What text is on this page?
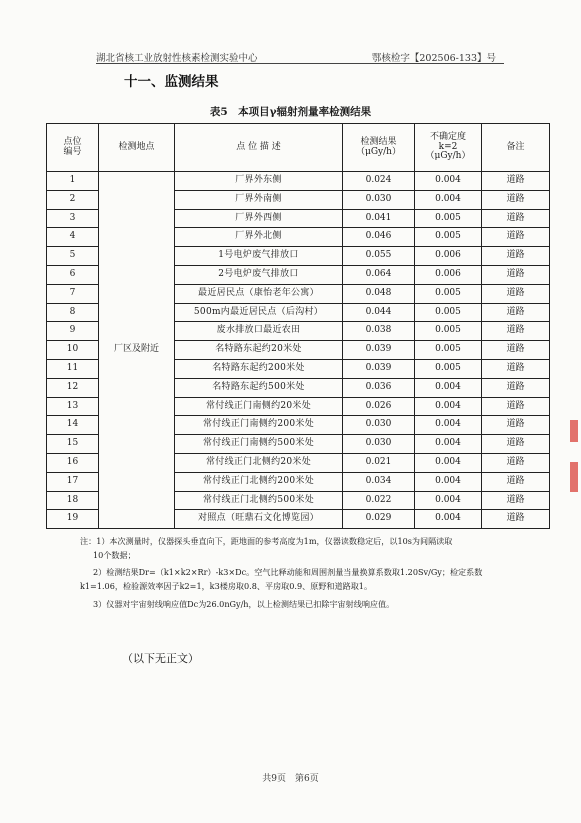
湖北省核工业放射性核素检测实验中心	鄂核检字【202506-133】号
十一、监测结果
表5　本项目γ辐射剂量率检测结果
点位
编号	检测地点	点 位 描 述	检测结果
（μGy/h）	不确定度
k=2
（μGy/h）	备注
1	厂区及附近	厂界外东侧	0.024	0.004	道路
2		厂界外南侧	0.030	0.004	道路
3		厂界外西侧	0.041	0.005	道路
4		厂界外北侧	0.046	0.005	道路
5		1号电炉废气排放口	0.055	0.006	道路
6		2号电炉废气排放口	0.064	0.006	道路
7		最近居民点（康怡老年公寓）	0.048	0.005	道路
8		500m内最近居民点（后沟村）	0.044	0.005	道路
9		废水排放口最近农田	0.038	0.005	道路
10		名特路东起约20米处	0.039	0.005	道路
11		名特路东起约200米处	0.039	0.005	道路
12		名特路东起约500米处	0.036	0.004	道路
13		常付线正门南侧约20米处	0.026	0.004	道路
14		常付线正门南侧约200米处	0.030	0.004	道路
15		常付线正门南侧约500米处	0.030	0.004	道路
16		常付线正门北侧约20米处	0.021	0.004	道路
17		常付线正门北侧约200米处	0.034	0.004	道路
18		常付线正门北侧约500米处	0.022	0.004	道路
19		对照点（旺鼎石文化博览园）	0.029	0.004	道路

注：1）本次测量时，仪器探头垂直向下，距地面的参考高度为1m，仪器读数稳定后，以10s为间隔读取

10个数据；

2）检测结果Dr=（k1×k2×Rr）-k3×Dc。空气比释动能和周围剂量当量换算系数取1.20Sv/Gy；检定系数

k1=1.06，检验源效率因子k2=1，k3楼房取0.8、平房取0.9、原野和道路取1。

3）仪器对宇宙射线响应值Dc为26.0nGy/h，以上检测结果已扣除宇宙射线响应值。

（以下无正文）
共9页　第6页
